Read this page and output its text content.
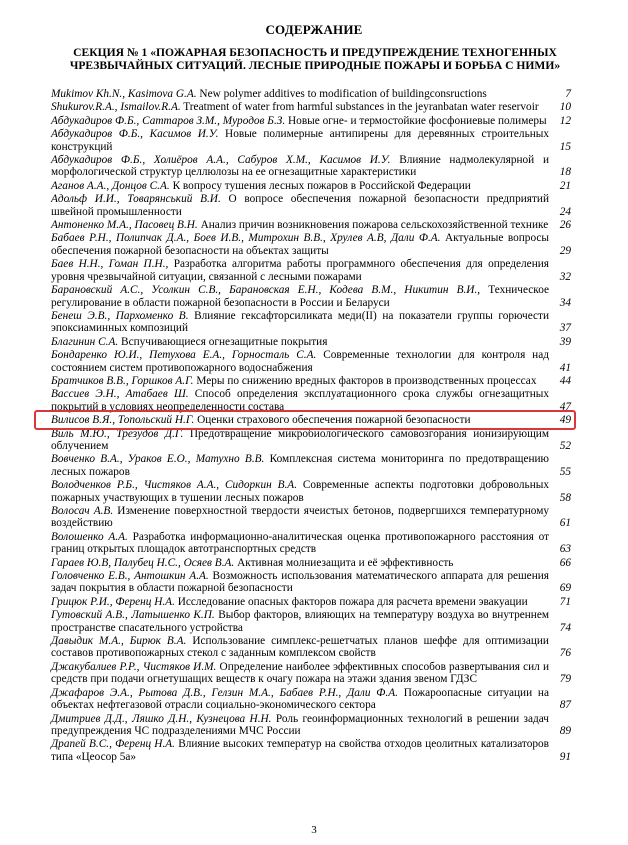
СОДЕРЖАНИЕ
СЕКЦИЯ № 1 «ПОЖАРНАЯ БЕЗОПАСНОСТЬ И ПРЕДУПРЕЖДЕНИЕ ТЕХНОГЕННЫХ ЧРЕЗВЫЧАЙНЫХ СИТУАЦИЙ. ЛЕСНЫЕ ПРИРОДНЫЕ ПОЖАРЫ И БОРЬБА С НИМИ»
Mukimov Kh.N., Kasimova G.A. New polymer additives to modification of buildingconsructions	7
Shukurov.R.A., Ismailov.R.A. Treatment of water from harmful substances in the jeyranbatan water reservoir	10
Абдукадиров Ф.Б., Саттаров З.М., Муродов Б.З. Новые огне- и термостойкие фосфониевые полимеры	12
Абдукадиров Ф.Б., Касимов И.У. Новые полимерные антипирены для деревянных строительных конструкций	15
Абдукадиров Ф.Б., Холиёров А.А., Сабуров Х.М., Касимов И.У. Влияние надмолекулярной и морфологической структур целлюлозы на ее огнезащитные характеристики	18
Аганов А.А., Донцов С.А. К вопросу тушения лесных пожаров в Российской Федерации	21
Адольф И.И., Товарянський В.И. О вопросе обеспечения пожарной безопасности предприятий швейной промышленности	24
Антоненко М.А., Пасовец В.Н. Анализ причин возникновения пожарова сельскохозяйственной технике	26
Бабаев Р.Н., Полипчак Д.А., Боев И.В., Митрохин В.В., Хрулев А.В, Дали Ф.А. Актуальные вопросы обеспечения пожарной безопасности на объектах защиты	29
Баев Н.Н., Гоман П.Н., Разработка алгоритма работы программного обеспечения для определения уровня чрезвычайной ситуации, связанной с лесными пожарами	32
Барановский А.С., Усолкин С.В., Барановская Е.Н., Кодева В.М., Никитин В.И., Техническое регулирование в области пожарной безопасности в России и Беларуси	34
Бенеш Э.В., Пархоменко В. Влияние гексафторсиликата меди(II) на показатели группы горючести эпоксиаминных композиций	37
Благинин С.А. Вспучивающиеся огнезащитные покрытия	39
Бондаренко Ю.И., Петухова Е.А., Горносталь С.А. Современные технологии для контроля над состоянием систем противопожарного водоснабжения	41
Братчиков В.В., Горшков А.Г. Меры по снижению вредных факторов в производственных процессах	44
Вассиев Э.Н., Атабаев Ш. Способ определения эксплуатационного срока службы огнезащитных покрытий в условиях неопределенности состава	47
Вилисов В.Я., Топольский Н.Г. Оценки страхового обеспечения пожарной безопасности	49
Виль М.Ю., Трезудов Д.Г. Предотвращение микробиологического самовозгорания ионизирующим облучением	52
Вовченко В.А., Ураков Е.О., Матухно В.В. Комплексная система мониторинга по предотвращению лесных пожаров	55
Володченков Р.Б., Чистяков А.А., Сидоркин В.А. Современные аспекты подготовки добровольных пожарных участвующих в тушении лесных пожаров	58
Волосач А.В. Изменение поверхностной твердости ячеистых бетонов, подвергшихся температурному воздействию	61
Волошенко А.А. Разработка информационно-аналитическая оценка противопожарного расстояния от границ открытых площадок автотранспортных средств	63
Гараев Ю.В, Палубец Н.С., Осяев В.А. Активная молниезащита и её эффективность	66
Головченко Е.В., Антошкин А.А. Возможность использования математического аппарата для решения задач покрытия в области пожарной безопасности	69
Грицюк Р.И., Ференц Н.А. Исследование опасных факторов пожара для расчета времени эвакуации	71
Гутовский А.В., Латышенко К.П. Выбор факторов, влияющих на температуру воздуха во внутреннем пространстве спасательного устройства	74
Давыдик М.А., Бирюк В.А. Использование симплекс-решетчатых планов шеффе для оптимизации составов противопожарных стекол с заданным комплексом свойств	76
Джакубалиев Р.Р., Чистяков И.М. Определение наиболее эффективных способов развертывания сил и средств при подачи огнетушащих веществ к очагу пожара на этажи здания звеном ГДЗС	79
Джафаров Э.А., Рытова Д.В., Гелзин М.А., Бабаев Р.Н., Дали Ф.А. Пожароопасные ситуации на объектах нефтегазовой отрасли социально-экономического сектора	87
Дмитриев Д.Д., Ляшко Д.Н., Кузнецова Н.Н. Роль геоинформационных технологий в решении задач предупреждения ЧС подразделениями МЧС России	89
Драпей В.С., Ференц Н.А. Влияние высоких температур на свойства отходов цеолитных катализаторов типа «Цеосор 5а»	91
3
